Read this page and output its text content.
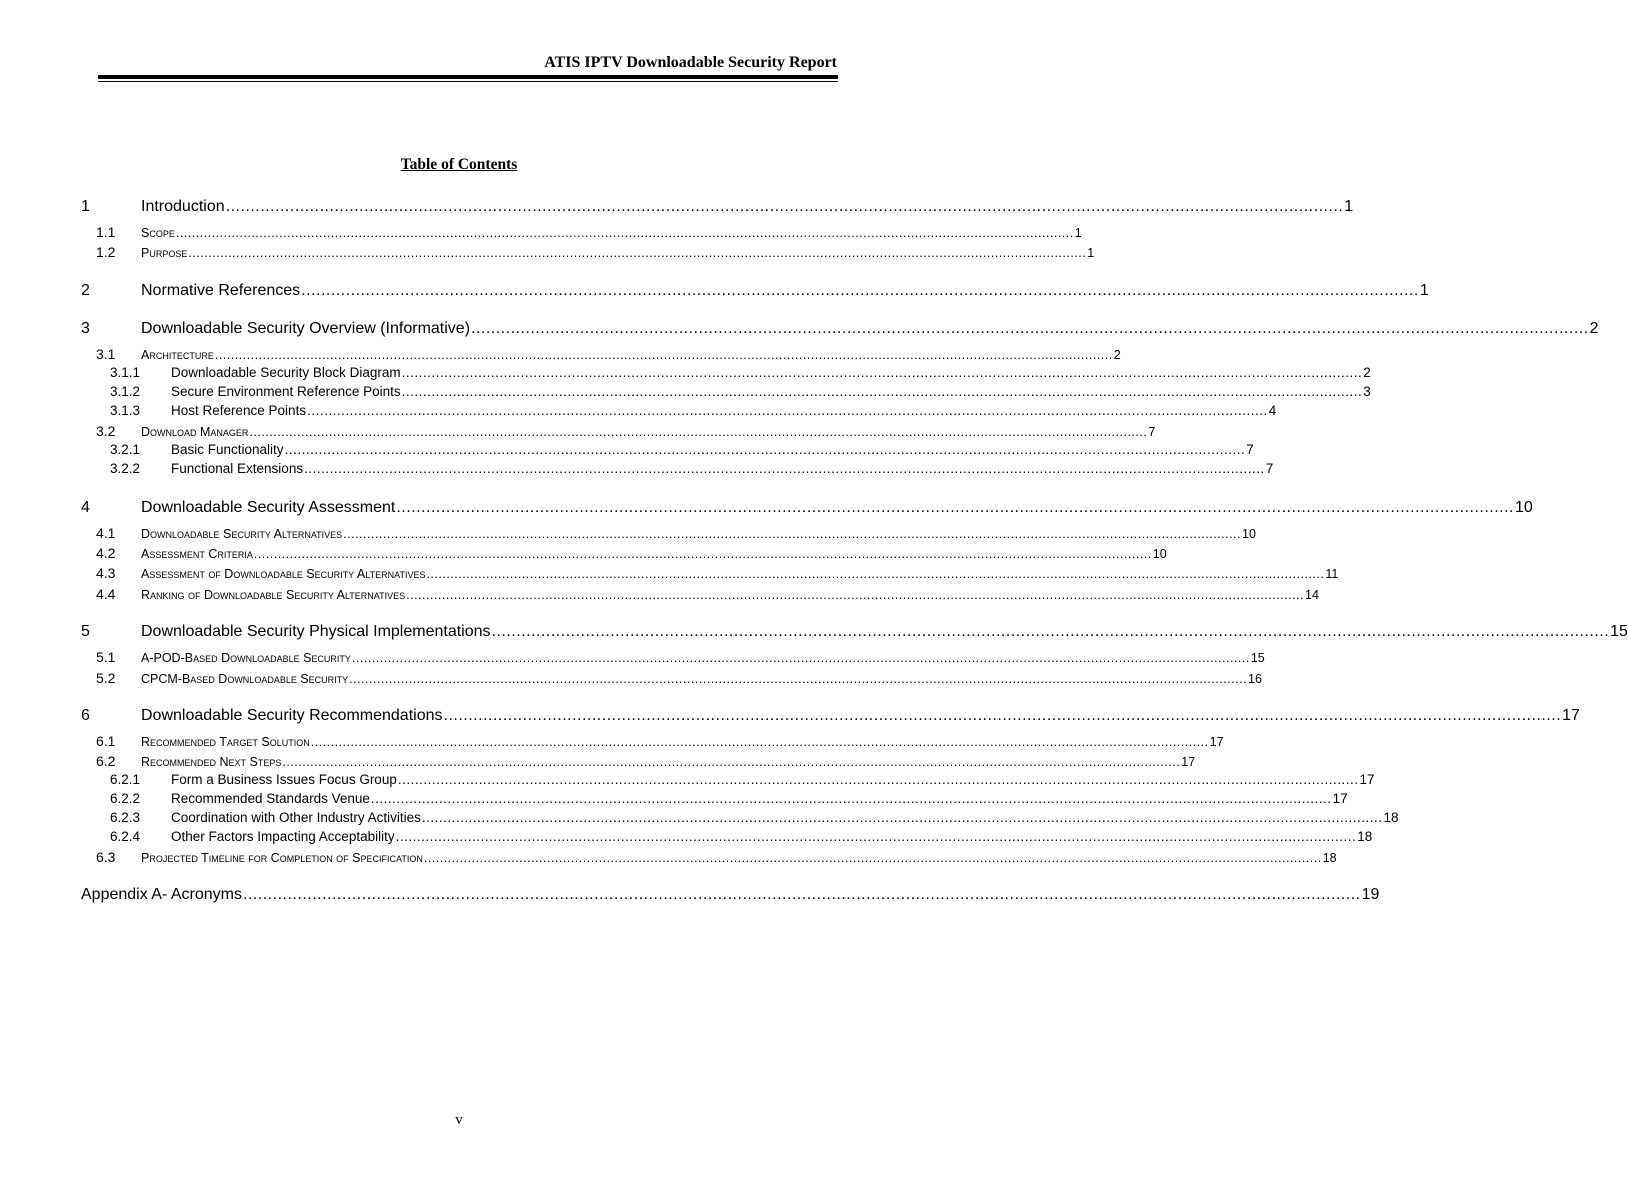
ATIS IPTV Downloadable Security Report
Table of Contents
1	Introduction .................................................................................................................................................................................................................................. 1
1.1	Scope .................................................................................................................................................................................................................................. 1
1.2	Purpose .................................................................................................................................................................................................................................. 1
2	Normative References .................................................................................................................................................................................................................................. 1
3	Downloadable Security Overview (Informative) .................................................................................................................................................................................................................................. 2
3.1	Architecture .................................................................................................................................................................................................................................. 2
3.1.1	Downloadable Security Block Diagram .................................................................................................................................................................................................................................. 2
3.1.2	Secure Environment Reference Points .................................................................................................................................................................................................................................. 3
3.1.3	Host Reference Points .................................................................................................................................................................................................................................. 4
3.2	Download Manager .................................................................................................................................................................................................................................. 7
3.2.1	Basic Functionality .................................................................................................................................................................................................................................. 7
3.2.2	Functional Extensions .................................................................................................................................................................................................................................. 7
4	Downloadable Security Assessment .................................................................................................................................................................................................................................. 10
4.1	Downloadable Security Alternatives .................................................................................................................................................................................................................................. 10
4.2	Assessment Criteria .................................................................................................................................................................................................................................. 10
4.3	Assessment of Downloadable Security Alternatives .................................................................................................................................................................................................................................. 11
4.4	Ranking of Downloadable Security Alternatives .................................................................................................................................................................................................................................. 14
5	Downloadable Security Physical Implementations .................................................................................................................................................................................................................................. 15
5.1	A-POD-Based Downloadable Security .................................................................................................................................................................................................................................. 15
5.2	CPCM-Based Downloadable Security .................................................................................................................................................................................................................................. 16
6	Downloadable Security Recommendations .................................................................................................................................................................................................................................. 17
6.1	Recommended Target Solution .................................................................................................................................................................................................................................. 17
6.2	Recommended Next Steps .................................................................................................................................................................................................................................. 17
6.2.1	Form a Business Issues Focus Group .................................................................................................................................................................................................................................. 17
6.2.2	Recommended Standards Venue .................................................................................................................................................................................................................................. 17
6.2.3	Coordination with Other Industry Activities .................................................................................................................................................................................................................................. 18
6.2.4	Other Factors Impacting Acceptability .................................................................................................................................................................................................................................. 18
6.3	Projected Timeline for Completion of Specification .................................................................................................................................................................................................................................. 18
Appendix A- Acronyms .................................................................................................................................................................................................................................. 19
v
